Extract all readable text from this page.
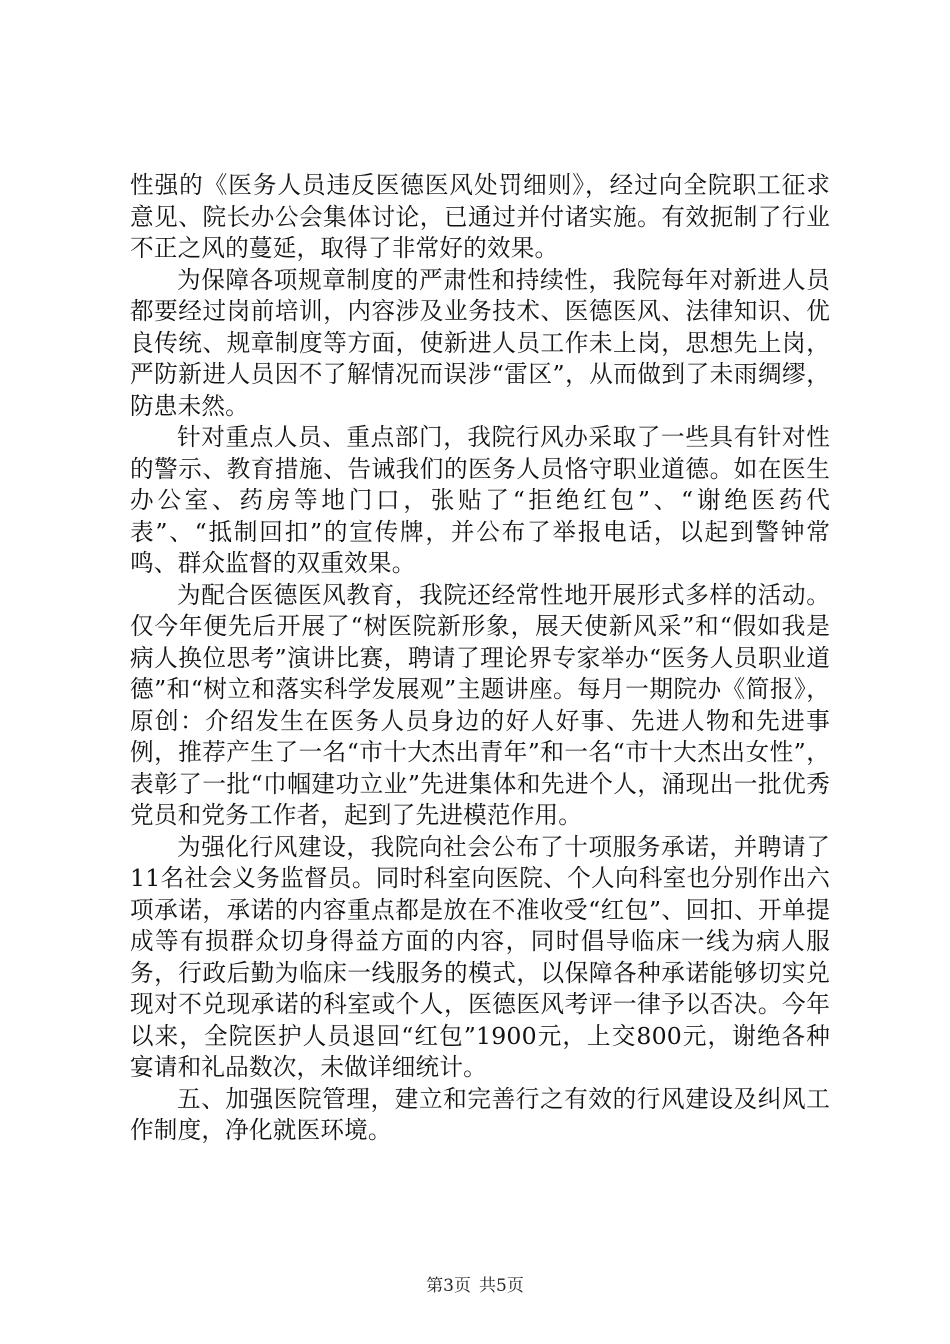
性强的《医务人员违反医德医风处罚细则》，经过向全院职工征求意见、院长办公会集体讨论，已通过并付诸实施。有效扼制了行业不正之风的蔓延，取得了非常好的效果。

为保障各项规章制度的严肃性和持续性，我院每年对新进人员都要经过岗前培训，内容涉及业务技术、医德医风、法律知识、优良传统、规章制度等方面，使新进人员工作未上岗，思想先上岗，严防新进人员因不了解情况而误涉“雷区”，从而做到了未雨绸缪，防患未然。

针对重点人员、重点部门，我院行风办采取了一些具有针对性的警示、教育措施、告诫我们的医务人员恪守职业道德。如在医生办公室、药房等地门口，张贴了“拒绝红包”、“谢绝医药代表”、“抵制回扣”的宣传牌，并公布了举报电话，以起到警钟常鸣、群众监督的双重效果。

为配合医德医风教育，我院还经常性地开展形式多样的活动。仅今年便先后开展了“树医院新形象，展天使新风采”和“假如我是病人换位思考”演讲比赛，聘请了理论界专家举办“医务人员职业道德”和“树立和落实科学发展观”主题讲座。每月一期院办《简报》，原创：介绍发生在医务人员身边的好人好事、先进人物和先进事例，推荐产生了一名“市十大杰出青年”和一名“市十大杰出女性”，表彰了一批“巾帼建功立业”先进集体和先进个人，涌现出一批优秀党员和党务工作者，起到了先进模范作用。

为强化行风建设，我院向社会公布了十项服务承诺，并聘请了11名社会义务监督员。同时科室向医院、个人向科室也分别作出六项承诺，承诺的内容重点都是放在不准收受“红包”、回扣、开单提成等有损群众切身得益方面的内容，同时倡导临床一线为病人服务，行政后勤为临床一线服务的模式，以保障各种承诺能够切实兑现对不兑现承诺的科室或个人，医德医风考评一律予以否决。今年以来，全院医护人员退回“红包”1900元，上交800元，谢绝各种宴请和礼品数次，未做详细统计。

五、加强医院管理，建立和完善行之有效的行风建设及纠风工作制度，净化就医环境。

第3页 共5页
